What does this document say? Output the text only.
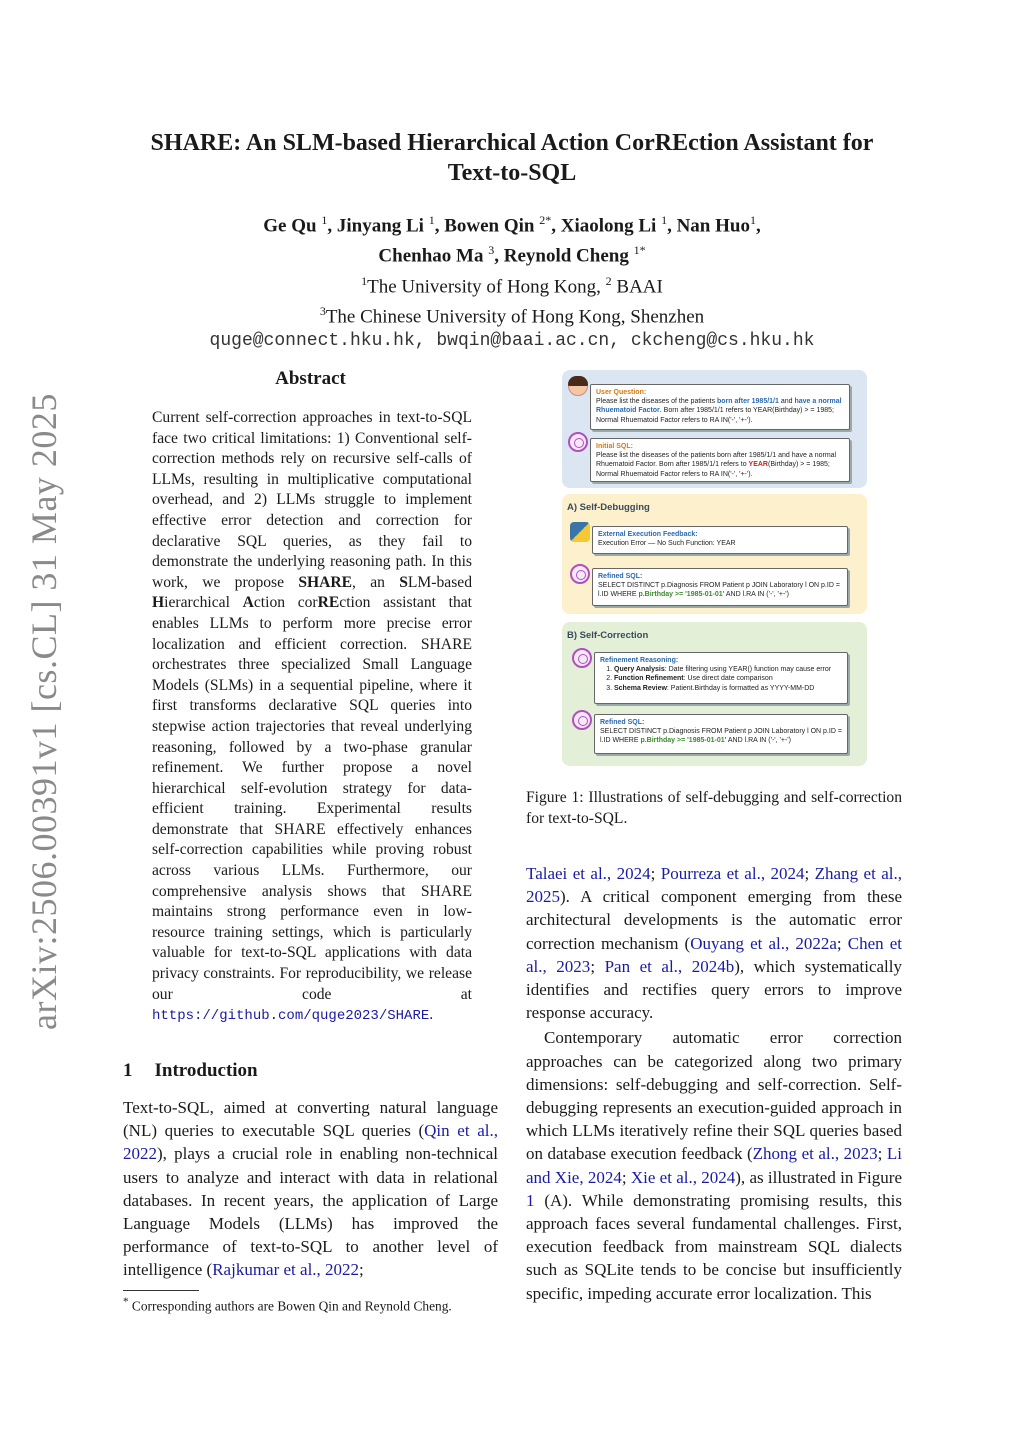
arXiv:2506.00391v1 [cs.CL] 31 May 2025
SHARE: An SLM-based Hierarchical Action CorREction Assistant for
Text-to-SQL
Ge Qu $^1$, Jinyang Li $^1$, Bowen Qin $^{2*}$, Xiaolong Li $^1$, Nan Huo$^1$,
Chenhao Ma $^3$, Reynold Cheng $^{1*}$
$^1$The University of Hong Kong, $^2$ BAAI
$^3$The Chinese University of Hong Kong, Shenzhen
quge@connect.hku.hk, bwqin@baai.ac.cn, ckcheng@cs.hku.hk
Abstract
Current self-correction approaches in text-to-SQL face two critical limitations: 1) Conventional self-correction methods rely on recursive self-calls of LLMs, resulting in multiplicative computational overhead, and 2) LLMs struggle to implement effective error detection and correction for declarative SQL queries, as they fail to demonstrate the underlying reasoning path. In this work, we propose SHARE, an SLM-based Hierarchical Action corREction assistant that enables LLMs to perform more precise error localization and efficient correction. SHARE orchestrates three specialized Small Language Models (SLMs) in a sequential pipeline, where it first transforms declarative SQL queries into stepwise action trajectories that reveal underlying reasoning, followed by a two-phase granular refinement. We further propose a novel hierarchical self-evolution strategy for data-efficient training. Experimental results demonstrate that SHARE effectively enhances self-correction capabilities while proving robust across various LLMs. Furthermore, our comprehensive analysis shows that SHARE maintains strong performance even in low-resource training settings, which is particularly valuable for text-to-SQL applications with data privacy constraints. For reproducibility, we release our code at https://github.com/quge2023/SHARE.
1 Introduction
Text-to-SQL, aimed at converting natural language (NL) queries to executable SQL queries (Qin et al., 2022), plays a crucial role in enabling non-technical users to analyze and interact with data in relational databases. In recent years, the application of Large Language Models (LLMs) has improved the performance of text-to-SQL to another level of intelligence (Rajkumar et al., 2022;
* Corresponding authors are Bowen Qin and Reynold Cheng.
User Question:
Please list the diseases of the patients born after 1985/1/1 and have a normal Rhuematoid Factor. Born after 1985/1/1 refers to YEAR(Birthday) > = 1985; Normal Rhuematoid Factor refers to RA IN('-', '+-').
Initial SQL:
Please list the diseases of the patients born after 1985/1/1 and have a normal Rhuematoid Factor. Born after 1985/1/1 refers to YEAR(Birthday) > = 1985; Normal Rhuematoid Factor refers to RA IN('-', '+-').
A) Self-Debugging
External Execution Feedback:
Execution Error — No Such Function: YEAR
Refined SQL:
SELECT DISTINCT p.Diagnosis FROM Patient p JOIN Laboratory l ON p.ID = l.ID WHERE p.Birthday >= '1985-01-01' AND l.RA IN ('-', '+-')
B) Self-Correction
Refinement Reasoning:
1. Query Analysis: Date filtering using YEAR() function may cause error
2. Function Refinement: Use direct date comparison
3. Schema Review: Patient.Birthday is formatted as YYYY-MM-DD
Refined SQL:
SELECT DISTINCT p.Diagnosis FROM Patient p JOIN Laboratory l ON p.ID = l.ID WHERE p.Birthday >= '1985-01-01' AND l.RA IN ('-', '+-')
Figure 1: Illustrations of self-debugging and self-correction for text-to-SQL.

Talaei et al., 2024; Pourreza et al., 2024; Zhang et al., 2025). A critical component emerging from these architectural developments is the automatic error correction mechanism (Ouyang et al., 2022a; Chen et al., 2023; Pan et al., 2024b), which systematically identifies and rectifies query errors to improve response accuracy.

Contemporary automatic error correction approaches can be categorized along two primary dimensions: self-debugging and self-correction. Self-debugging represents an execution-guided approach in which LLMs iteratively refine their SQL queries based on database execution feedback (Zhong et al., 2023; Li and Xie, 2024; Xie et al., 2024), as illustrated in Figure 1 (A). While demonstrating promising results, this approach faces several fundamental challenges. First, execution feedback from mainstream SQL dialects such as SQLite tends to be concise but insufficiently specific, impeding accurate error localization. This
